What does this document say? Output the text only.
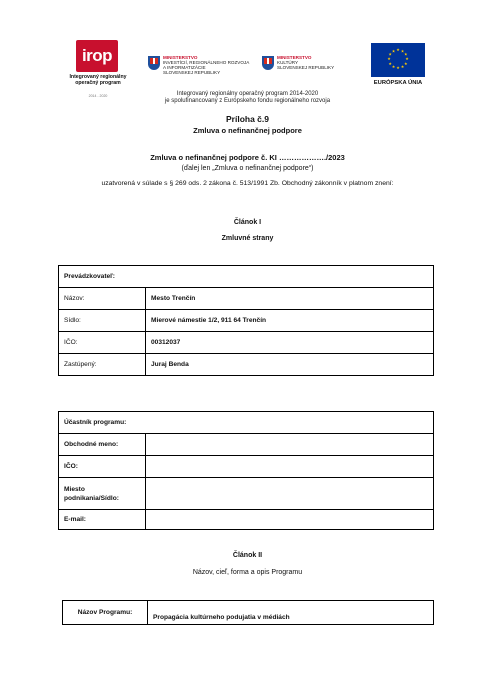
irop
Integrovaný regionálny operačný program
2014 - 2020
MINISTERSTVO
INVESTÍCIÍ, REGIONÁLNEHO ROZVOJA
A INFORMATIZÁCIE
SLOVENSKEJ REPUBLIKY
MINISTERSTVO
KULTÚRY
SLOVENSKEJ REPUBLIKY
★ ★
★
★
★
★
★
★
★
★
★
★
EURÓPSKA ÚNIA
Integrovaný regionálny operačný program 2014-2020
je spolufinancovaný z Európskeho fondu regionálneho rozvoja
Príloha č.9
Zmluva o nefinančnej podpore
Zmluva o nefinančnej podpore č. KI ………………./2023
(ďalej len „Zmluva o nefinančnej podpore“)
uzatvorená v súlade s § 269 ods. 2 zákona č. 513/1991 Zb. Obchodný zákonník v platnom znení:
Článok I
Zmluvné strany
Prevádzkovateľ:	
Názov:	Mesto Trenčín
Sídlo:	Mierové námestie 1/2, 911 64 Trenčín
IČO:	00312037
Zastúpený:	Juraj Benda
Účastník programu:	
Obchodné meno:	
IČO:	
Miesto podnikania/Sídlo:	
E-mail:	
Článok II
Názov, cieľ, forma a opis Programu
Názov Programu:	Propagácia kultúrneho podujatia v médiách
